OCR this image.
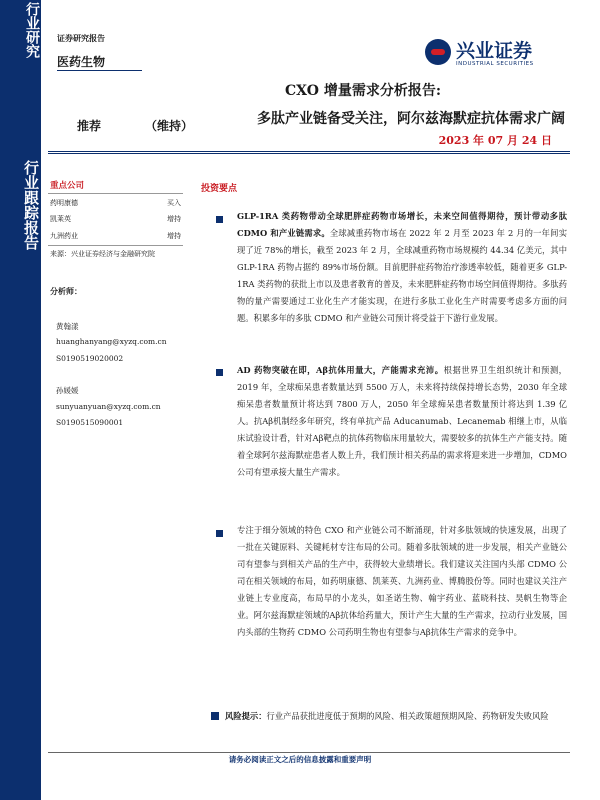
行业研究
行业跟踪报告
证券研究报告
医药生物	兴业证券
INDUSTRIAL SECURITIES
推荐	（维持）
CXO 增量需求分析报告:
多肽产业链备受关注，阿尔兹海默症抗体需求广阔
2023 年 07 月 24 日
重点公司
药明康德	买入
凯莱英	增持
九洲药业	增持
来源：兴业证券经济与金融研究院
分析师：
黄翰漾
huanghanyang@xyzq.com.cn
S0190519020002
孙媛媛
sunyuanyuan@xyzq.com.cn
S0190515090001
投资要点
GLP-1RA 类药物带动全球肥胖症药物市场增长，未来空间值得期待，预计带动多肽 CDMO 和产业链需求。全球减重药物市场在 2022 年 2 月至 2023 年 2 月的一年间实现了近 78%的增长，截至 2023 年 2 月，全球减重药物市场规模约 44.34 亿美元，其中 GLP-1RA 药物占据约 89%市场份额。目前肥胖症药物治疗渗透率较低，随着更多 GLP-1RA 类药物的获批上市以及患者教育的普及，未来肥胖症药物市场空间值得期待。多肽药物的量产需要通过工业化生产才能实现，在进行多肽工业化生产时需要考虑多方面的问题。积累多年的多肽 CDMO 和产业链公司预计将受益于下游行业发展。
AD 药物突破在即，Aβ抗体用量大，产能需求充沛。根据世界卫生组织统计和预测，2019 年，全球痴呆患者数量达到 5500 万人，未来将持续保持增长态势，2030 年全球痴呆患者数量预计将达到 7800 万人，2050 年全球痴呆患者数量预计将达到 1.39 亿人。抗Aβ机制经多年研究，终有单抗产品 Aducanumab、Lecanemab 相继上市，从临床试验设计看，针对Aβ靶点的抗体药物临床用量较大，需要较多的抗体生产产能支持。随着全球阿尔兹海默症患者人数上升，我们预计相关药品的需求将迎来进一步增加，CDMO 公司有望承接大量生产需求。
专注于细分领域的特色 CXO 和产业链公司不断涌现，针对多肽领域的快速发展，出现了一批在关键原料、关键耗材专注布局的公司。随着多肽领域的进一步发展，相关产业链公司有望参与到相关产品的生产中，获得较大业绩增长。我们建议关注国内头部 CDMO 公司在相关领域的布局，如药明康德、凯莱英、九洲药业、博腾股份等。同时也建议关注产业链上专业度高，布局早的小龙头，如圣诺生物、翰宇药业、蓝晓科技、昊帆生物等企业。阿尔兹海默症领域的Aβ抗体给药量大，预计产生大量的生产需求，拉动行业发展，国内头部的生物药 CDMO 公司药明生物也有望参与Aβ抗体生产需求的竞争中。
风险提示：行业产品获批进度低于预期的风险、相关政策超预期风险、药物研发失败风险
请务必阅读正文之后的信息披露和重要声明
